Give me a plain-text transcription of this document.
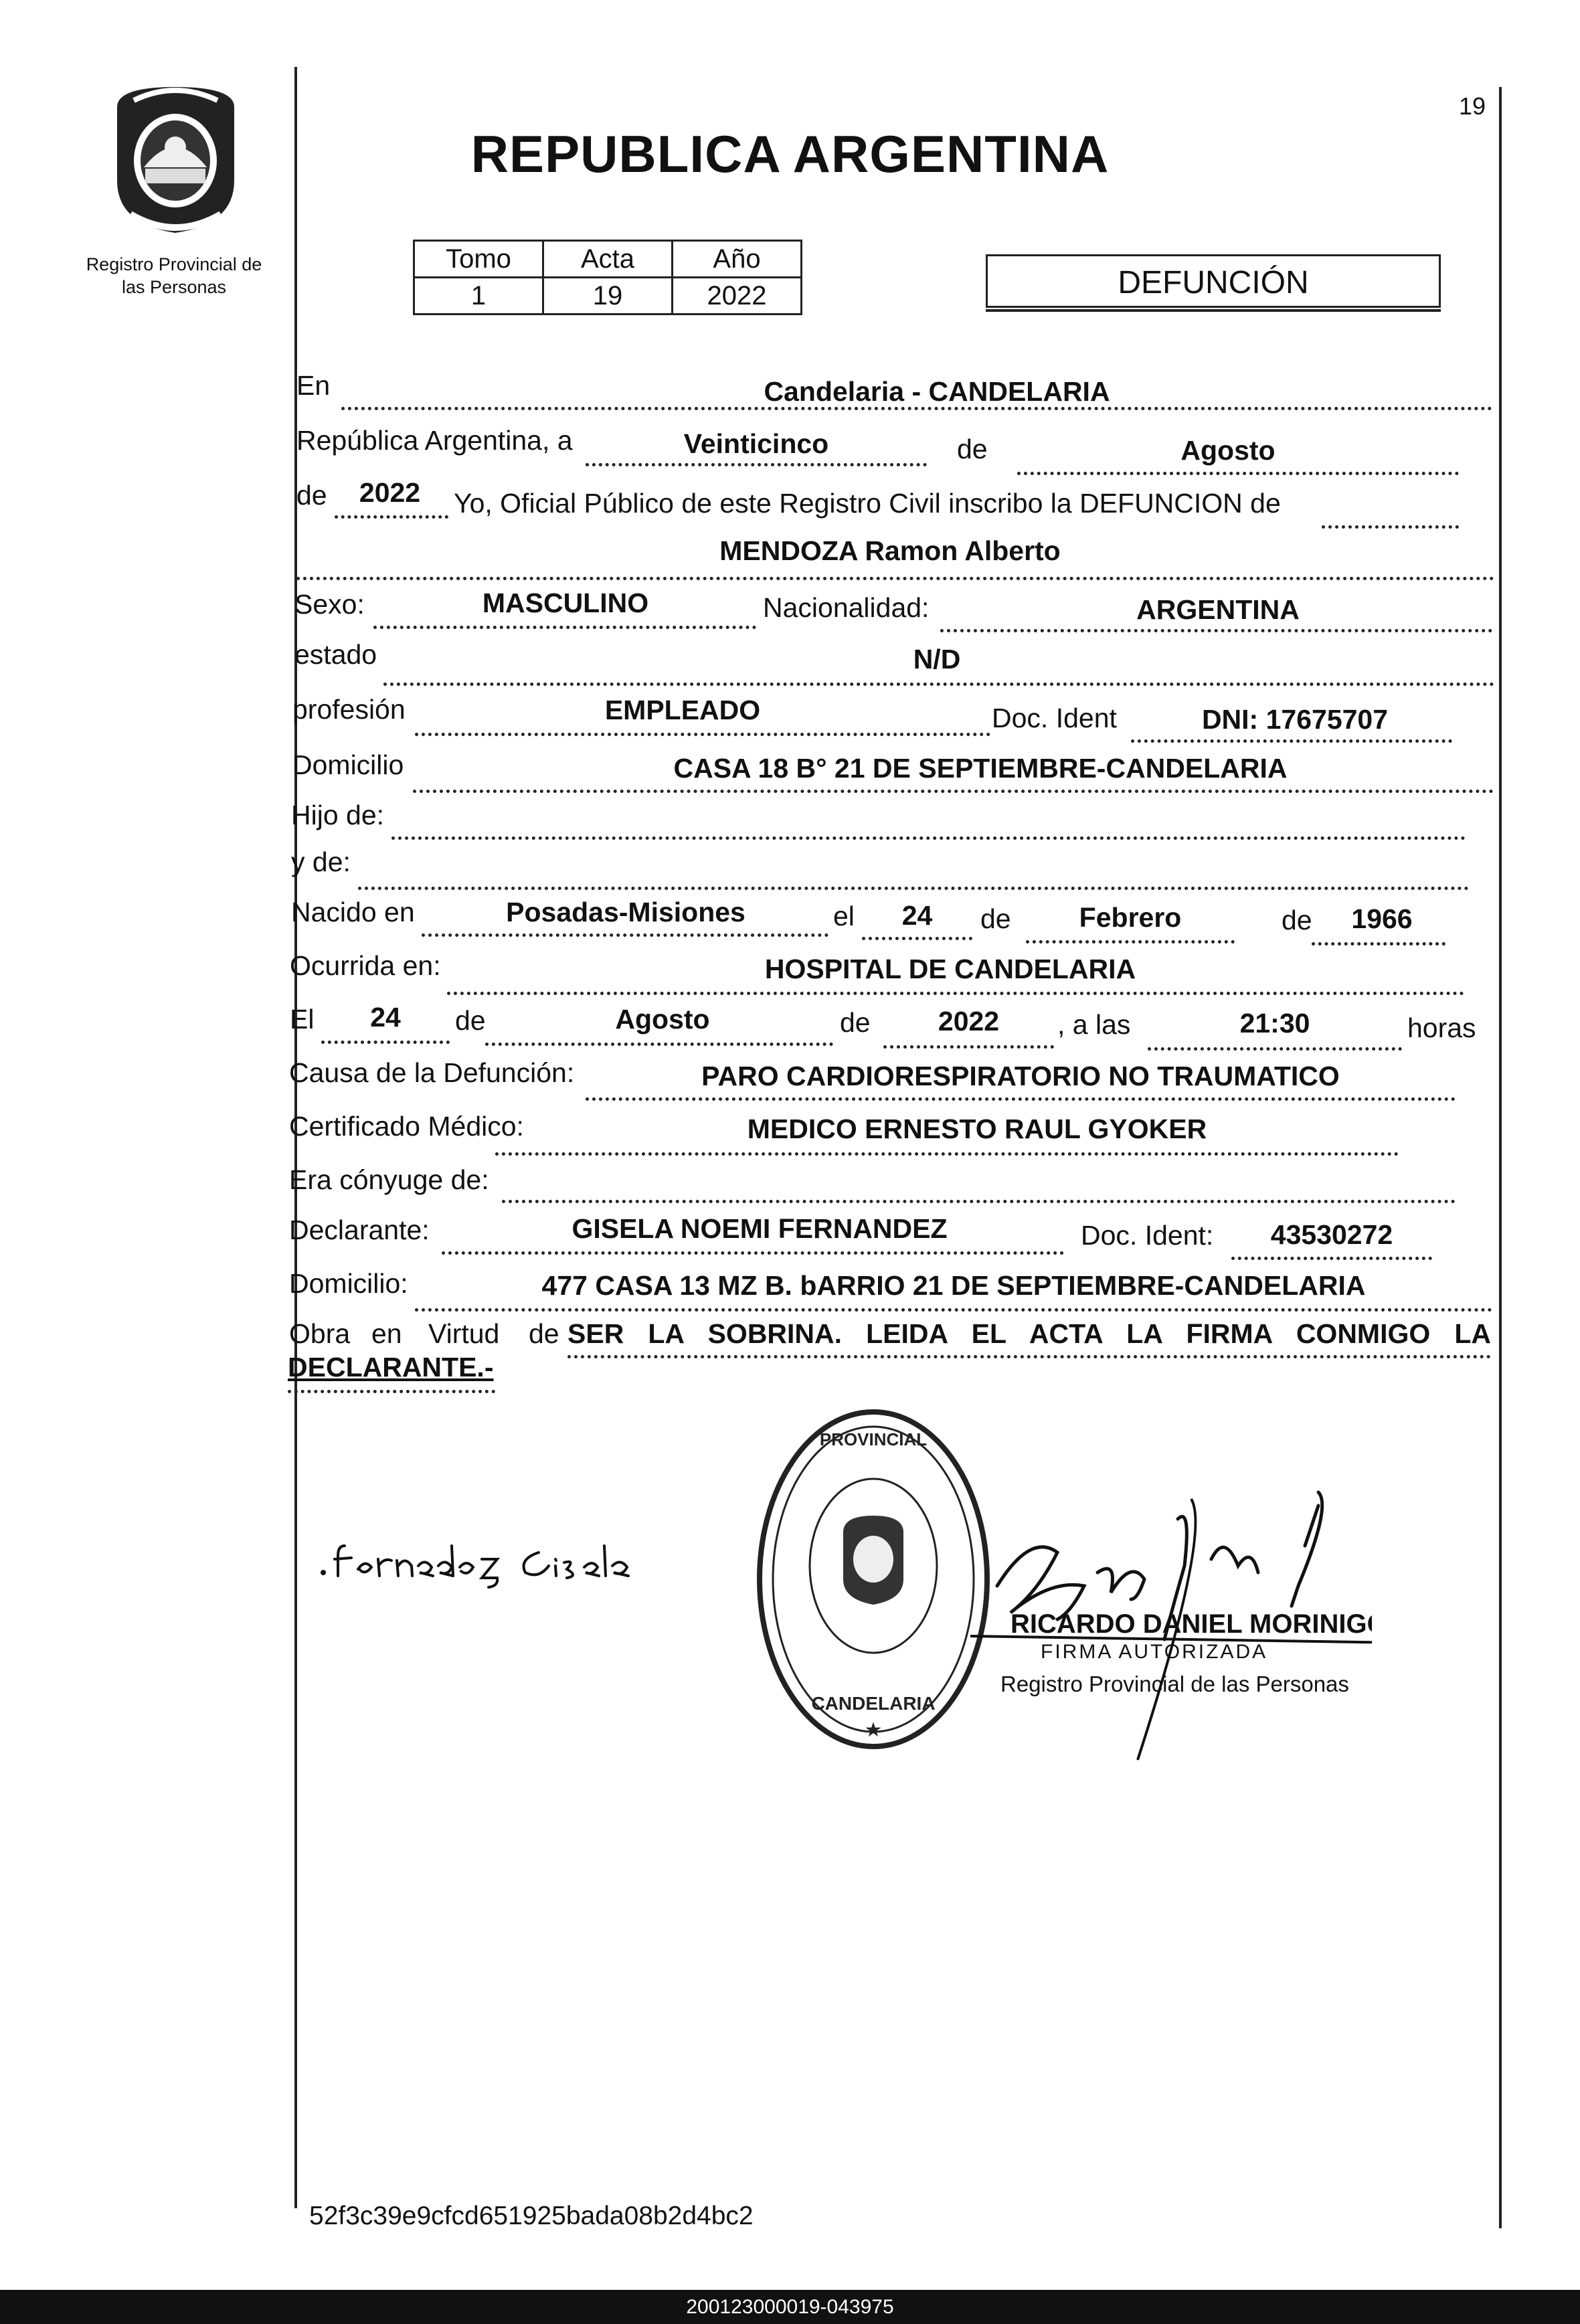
Registro Provincial de
las Personas
19
REPUBLICA ARGENTINA
Tomo	Acta	Año
1	19	2022	DEFUNCIÓN
En	Candelaria - CANDELARIA
República Argentina, a	Veinticinco	de	Agosto
de	2022	Yo, Oficial Público de este Registro Civil inscribo la DEFUNCION de
MENDOZA Ramon Alberto
Sexo:	MASCULINO	Nacionalidad:	ARGENTINA
estado	N/D
profesión	EMPLEADO	Doc. Ident	DNI: 17675707
Domicilio	CASA 18 B° 21 DE SEPTIEMBRE-CANDELARIA
Hijo de:
y de:
Nacido en	Posadas-Misiones	el	24	de	Febrero	de	1966
Ocurrida en:	HOSPITAL DE CANDELARIA
El	24	de	Agosto	de	2022	, a las	21:30	horas
Causa de la Defunción:	PARO CARDIORESPIRATORIO NO TRAUMATICO
Certificado Médico:	MEDICO ERNESTO RAUL GYOKER
Era cónyuge de:
Declarante:	GISELA NOEMI FERNANDEZ	Doc. Ident:	43530272
Domicilio:	477 CASA 13 MZ B. bARRIO 21 DE SEPTIEMBRE-CANDELARIA
Obra en Virtud de SER LA SOBRINA. LEIDA EL ACTA LA FIRMA CONMIGO LA
DECLARANTE.-
PROVINCIAL
CANDELARIA
★
RICARDO DANIEL MORINIGO
FIRMA AUTORIZADA
Registro Provincial de las Personas
52f3c39e9cfcd651925bada08b2d4bc2
200123000019-043975
